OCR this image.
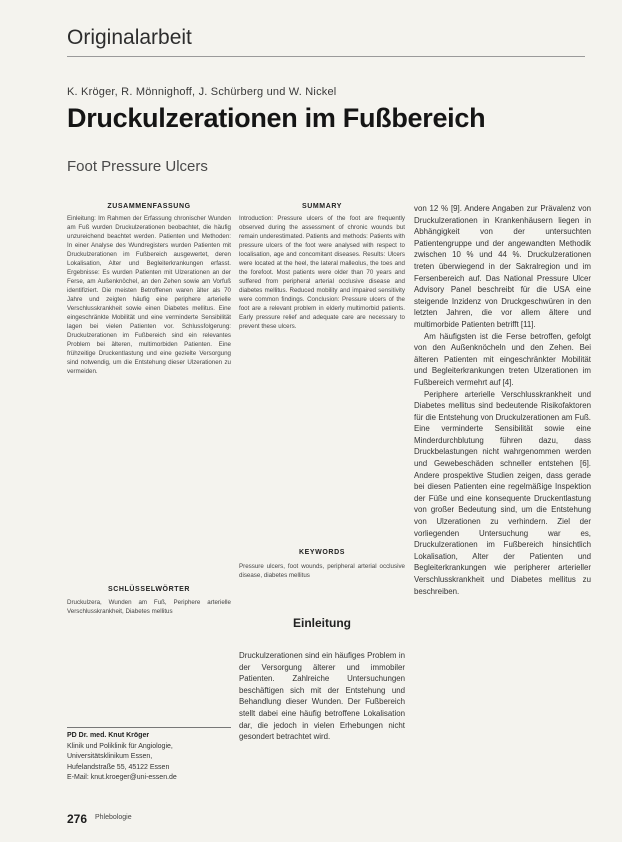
Originalarbeit
K. Kröger, R. Mönnighoff, J. Schürberg und W. Nickel
Druckulzerationen im Fußbereich
Foot Pressure Ulcers
ZUSAMMENFASSUNG

Einleitung: Im Rahmen der Erfassung chronischer Wunden am Fuß wurden Druckulzerationen beobachtet, die häufig unzureichend beachtet werden. Patienten und Methoden: In einer Analyse des Wundregisters wurden Patienten mit Druckulzerationen im Fußbereich ausgewertet, deren Lokalisation, Alter und Begleiterkrankungen erfasst. Ergebnisse: Es wurden Patienten mit Ulzerationen an der Ferse, am Außenknöchel, an den Zehen sowie am Vorfuß identifiziert. Die meisten Betroffenen waren älter als 70 Jahre und zeigten häufig eine periphere arterielle Verschlusskrankheit sowie einen Diabetes mellitus. Eine eingeschränkte Mobilität und eine verminderte Sensibilität lagen bei vielen Patienten vor. Schlussfolgerung: Druckulzerationen im Fußbereich sind ein relevantes Problem bei älteren, multimorbiden Patienten. Eine frühzeitige Druckentlastung und eine gezielte Versorgung sind notwendig, um die Entstehung dieser Ulzerationen zu vermeiden.

SUMMARY

Introduction: Pressure ulcers of the foot are frequently observed during the assessment of chronic wounds but remain underestimated. Patients and methods: Patients with pressure ulcers of the foot were analysed with respect to localisation, age and concomitant diseases. Results: Ulcers were located at the heel, the lateral malleolus, the toes and the forefoot. Most patients were older than 70 years and suffered from peripheral arterial occlusive disease and diabetes mellitus. Reduced mobility and impaired sensitivity were common findings. Conclusion: Pressure ulcers of the foot are a relevant problem in elderly multimorbid patients. Early pressure relief and adequate care are necessary to prevent these ulcers.

SCHLÜSSELWÖRTER

Druckulzera, Wunden am Fuß, Periphere arterielle Verschlusskrankheit, Diabetes mellitus

KEYWORDS

Pressure ulcers, foot wounds, peripheral arterial occlusive disease, diabetes mellitus

Einleitung

Druckulzerationen sind ein häufiges Problem in der Versorgung älterer und immobiler Patienten. Zahlreiche Untersuchungen beschäftigen sich mit der Entstehung und Behandlung dieser Wunden. Der Fußbereich stellt dabei eine häufig betroffene Lokalisation dar, die jedoch in vielen Erhebungen nicht gesondert betrachtet wird.

von 12 % [9]. Andere Angaben zur Prävalenz von Druckulzerationen in Krankenhäusern liegen in Abhängigkeit von der untersuchten Patientengruppe und der angewandten Methodik zwischen 10 % und 44 %. Druckulzerationen treten überwiegend in der Sakralregion und im Fersenbereich auf. Das National Pressure Ulcer Advisory Panel beschreibt für die USA eine steigende Inzidenz von Druckgeschwüren in den letzten Jahren, die vor allem ältere und multimorbide Patienten betrifft [11].

Am häufigsten ist die Ferse betroffen, gefolgt von den Außenknöcheln und den Zehen. Bei älteren Patienten mit eingeschränkter Mobilität und Begleiterkrankungen treten Ulzerationen im Fußbereich vermehrt auf [4].

Periphere arterielle Verschlusskrankheit und Diabetes mellitus sind bedeutende Risikofaktoren für die Entstehung von Druckulzerationen am Fuß. Eine verminderte Sensibilität sowie eine Minderdurchblutung führen dazu, dass Druckbelastungen nicht wahrgenommen werden und Gewebeschäden schneller entstehen [6]. Andere prospektive Studien zeigen, dass gerade bei diesen Patienten eine regelmäßige Inspektion der Füße und eine konsequente Druckentlastung von großer Bedeutung sind, um die Entstehung von Ulzerationen zu verhindern. Ziel der vorliegenden Untersuchung war es, Druckulzerationen im Fußbereich hinsichtlich Lokalisation, Alter der Patienten und Begleiterkrankungen wie peripherer arterieller Verschlusskrankheit und Diabetes mellitus zu beschreiben.

PD Dr. med. Knut Kröger
Klinik und Poliklinik für Angiologie,
Universitätsklinikum Essen,
Hufelandstraße 55, 45122 Essen
E-Mail: knut.kroeger@uni-essen.de
276 Phlebologie
